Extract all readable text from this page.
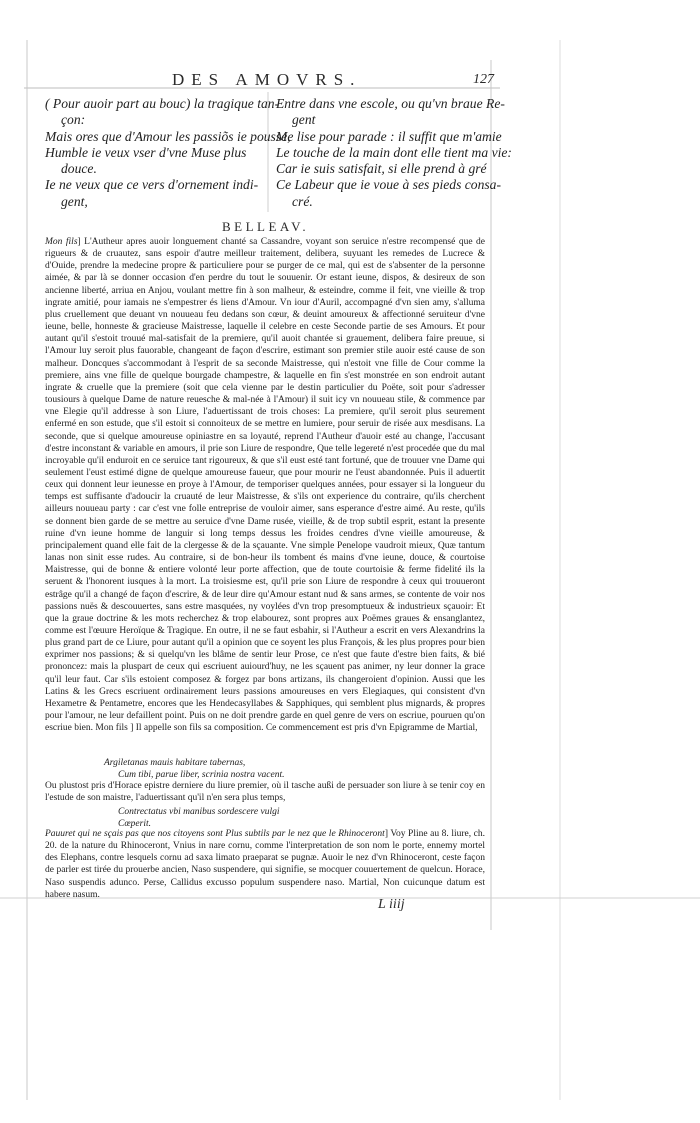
DES AMOVRS.	127
( Pour auoir part au bouc) la tragique tan-
çon:
Mais ores que d'Amour les passiõs ie pousse,
Humble ie veux vser d'vne Muse plus
douce.
Ie ne veux que ce vers d'ornement indi-
gent,
Entre dans vne escole, ou qu'vn braue Re-
gent
Me lise pour parade : il suffit que m'amie
Le touche de la main dont elle tient ma vie:
Car ie suis satisfait, si elle prend à gré
Ce Labeur que ie voue à ses pieds consa-
cré.
BELLEAV.
Mon fils] L'Autheur apres auoir longuement chanté sa Cassandre, voyant son seruice n'estre recompensé que de rigueurs & de cruautez, sans espoir d'autre meilleur traitement, delibera, suyuant les remedes de Lucrece & d'Ouide, prendre la medecine propre & particuliere pour se purger de ce mal, qui est de s'absenter de la personne aimée, & par là se donner occasion d'en perdre du tout le souuenir. Or estant ieune, dispos, & desireux de son ancienne liberté, arriua en Anjou, voulant mettre fin à son malheur, & esteindre, comme il feit, vne vieille & trop ingrate amitié, pour iamais ne s'empestrer és liens d'Amour. Vn iour d'Auril, accompagné d'vn sien amy, s'alluma plus cruellement que deuant vn nouueau feu dedans son cœur, & deuint amoureux & affectionné seruiteur d'vne ieune, belle, honneste & gracieuse Maistresse, laquelle il celebre en ceste Seconde partie de ses Amours. Et pour autant qu'il s'estoit trouué mal-satisfait de la premiere, qu'il auoit chantée si grauement, delibera faire preuue, si l'Amour luy seroit plus fauorable, changeant de façon d'escrire, estimant son premier stile auoir esté cause de son malheur. Doncques s'accommodant à l'esprit de sa seconde Maistresse, qui n'estoit vne fille de Cour comme la premiere, ains vne fille de quelque bourgade champestre, & laquelle en fin s'est monstrée en son endroit autant ingrate & cruelle que la premiere (soit que cela vienne par le destin particulier du Poëte, soit pour s'adresser tousiours à quelque Dame de nature reuesche & mal-née à l'Amour) il suit icy vn nouueau stile, & commence par vne Elegie qu'il addresse à son Liure, l'aduertissant de trois choses: La premiere, qu'il seroit plus seurement enfermé en son estude, que s'il estoit si connoiteux de se mettre en lumiere, pour seruir de risée aux mesdisans. La seconde, que si quelque amoureuse opiniastre en sa loyauté, reprend l'Autheur d'auoir esté au change, l'accusant d'estre inconstant & variable en amours, il prie son Liure de respondre, Que telle legereté n'est procedée que du mal incroyable qu'il enduroit en ce seruice tant rigoureux, & que s'il eust esté tant fortuné, que de trouuer vne Dame qui seulement l'eust estimé digne de quelque amoureuse faueur, que pour mourir ne l'eust abandonnée. Puis il aduertit ceux qui donnent leur ieunesse en proye à l'Amour, de temporiser quelques années, pour essayer si la longueur du temps est suffisante d'adoucir la cruauté de leur Maistresse, & s'ils ont experience du contraire, qu'ils cherchent ailleurs nouueau party : car c'est vne folle entreprise de vouloir aimer, sans esperance d'estre aimé. Au reste, qu'ils se donnent bien garde de se mettre au seruice d'vne Dame rusée, vieille, & de trop subtil esprit, estant la presente ruine d'vn ieune homme de languir si long temps dessus les froides cendres d'vne vieille amoureuse, & principalement quand elle fait de la clergesse & de la sçauante. Vne simple Penelope vaudroit mieux, Quæ tantum lanas non sinit esse rudes. Au contraire, si de bon-heur ils tombent és mains d'vne ieune, douce, & courtoise Maistresse, qui de bonne & entiere volonté leur porte affection, que de toute courtoisie & ferme fidelité ils la seruent & l'honorent iusques à la mort. La troisiesme est, qu'il prie son Liure de respondre à ceux qui trouueront estrâge qu'il a changé de façon d'escrire, & de leur dire qu'Amour estant nud & sans armes, se contente de voir nos passions nuës & descouuertes, sans estre masquées, ny voylées d'vn trop presomptueux & industrieux sçauoir: Et que la graue doctrine & les mots recherchez & trop elabourez, sont propres aux Poëmes graues & ensanglantez, comme est l'œuure Heroïque & Tragique. En outre, il ne se faut esbahir, si l'Autheur a escrit en vers Alexandrins la plus grand part de ce Liure, pour autant qu'il a opinion que ce soyent les plus François, & les plus propres pour bien exprimer nos passions; & si quelqu'vn les blâme de sentir leur Prose, ce n'est que faute d'estre bien faits, & bié prononcez: mais la pluspart de ceux qui escriuent auiourd'huy, ne les sçauent pas animer, ny leur donner la grace qu'il leur faut. Car s'ils estoient composez & forgez par bons artizans, ils changeroient d'opinion. Aussi que les Latins & les Grecs escriuent ordinairement leurs passions amoureuses en vers Elegiaques, qui consistent d'vn Hexametre & Pentametre, encores que les Hendecasyllabes & Sapphiques, qui semblent plus mignards, & propres pour l'amour, ne leur defaillent point. Puis on ne doit prendre garde en quel genre de vers on escriue, pouruen qu'on escriue bien. Mon fils ] Il appelle son fils sa composition. Ce commencement est pris d'vn Epigramme de Martial,
Argiletanas mauis habitare tabernas,
Cum tibi, parue liber, scrinia nostra vacent.
Ou plustost pris d'Horace epistre derniere du liure premier, où il tasche außi de persuader son liure à se tenir coy en l'estude de son maistre, l'aduertissant qu'il n'en sera plus temps,
Contrectatus vbi manibus sordescere vulgi
Cœperit.
Pauuret qui ne sçais pas que nos citoyens sont Plus subtils par le nez que le Rhinoceront] Voy Pline au 8. liure, ch. 20. de la nature du Rhinoceront, Vnius in nare cornu, comme l'interpretation de son nom le porte, ennemy mortel des Elephans, contre lesquels cornu ad saxa limato praeparat se pugnæ. Auoir le nez d'vn Rhinoceront, ceste façon de parler est tirée du prouerbe ancien, Naso suspendere, qui signifie, se mocquer couuertement de quelcun. Horace, Naso suspendis adunco. Perse, Callidus excusso populum suspendere naso. Martial, Non cuicunque datum est habere nasum.
L iiij
